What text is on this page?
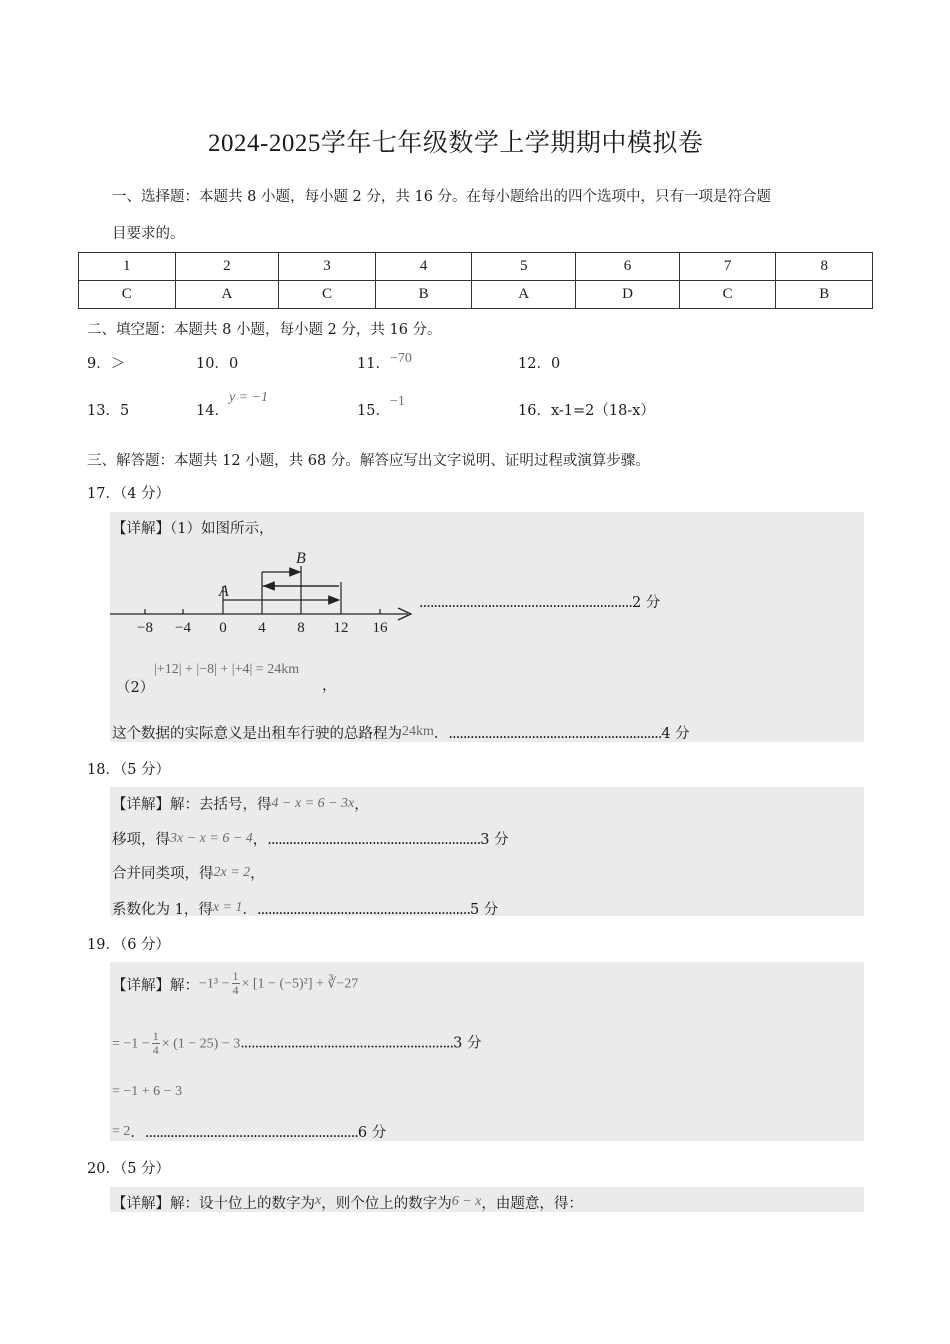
2024-2025学年七年级数学上学期期中模拟卷
一、选择题：本题共 8 小题，每小题 2 分，共 16 分。在每小题给出的四个选项中，只有一项是符合题
目要求的。
1	2	3	4	5	6	7	8
C	A	C	B	A	D	C	B
二、填空题：本题共 8 小题，每小题 2 分，共 16 分。
9．＞	10．0	11．−70	12．0
13．5	14．y = −1
15．−1
16．x-1=2（18-x）
三、解答题：本题共 12 小题，共 68 分。解答应写出文字说明、证明过程或演算步骤。
17．（4 分）
【详解】（1）如图所示，
A
B
−8 −4 0 4 8 12 16
...........................................................2 分
（2）
|+12| + |−8| + |+4| = 24km
，
这个数据的实际意义是出租车行驶的总路程为24km．...........................................................4 分
18．（5 分）
【详解】解：去括号，得4 − x = 6 − 3x，
移项，得3x − x = 6 − 4，...........................................................3 分
合并同类项，得2x = 2，
系数化为 1，得x = 1．...........................................................5 分
19．（6 分）
【详解】解：$-1^3 - \frac{1}{4} \times [1 - (-5)^2]$ + ∛−27
= $-1 - \frac{1}{4} \times (1 - 25) - 3...........................................................3$ 分
= −1 + 6 − 3
= 2．...........................................................6 分
20．（5 分）
【详解】解：设十位上的数字为x，则个位上的数字为6 − x，由题意，得：
